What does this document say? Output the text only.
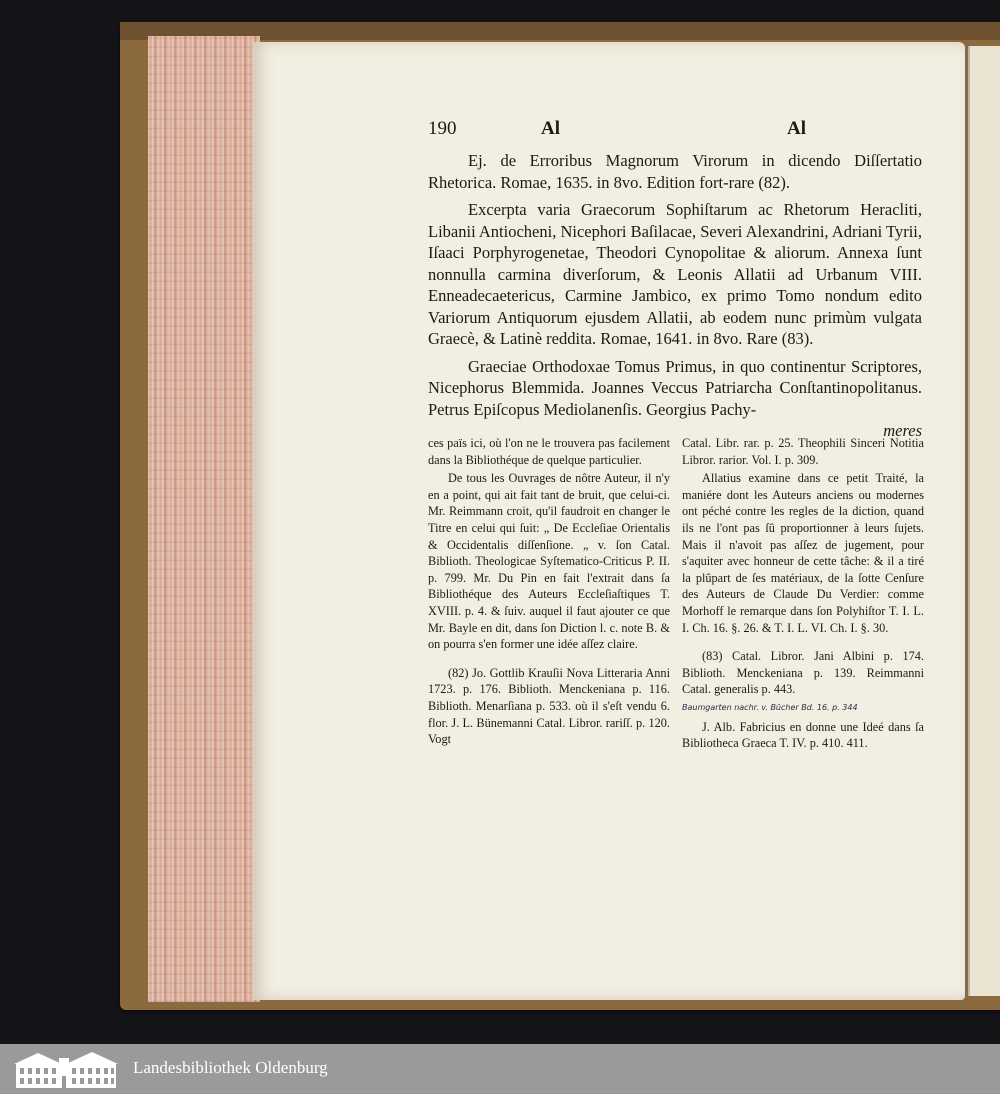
190	Al	Al

Ej. de Erroribus Magnorum Virorum in dicendo Diſſertatio Rhetorica. Romae, 1635. in 8vo. Edition fort-rare (82).

Excerpta varia Graecorum Sophiſtarum ac Rhetorum Heracliti, Libanii Antiocheni, Nicephori Baſilacae, Severi Alexandrini, Adriani Tyrii, Iſaaci Porphyrogenetae, Theodori Cynopolitae & aliorum. Annexa ſunt nonnulla carmina diverſorum, & Leonis Allatii ad Urbanum VIII. Enneadecaetericus, Carmine Jambico, ex primo Tomo nondum edito Variorum Antiquorum ejusdem Allatii, ab eodem nunc primùm vulgata Graecè, & Latinè reddita. Romae, 1641. in 8vo. Rare (83).

Graeciae Orthodoxae Tomus Primus, in quo continentur Scriptores, Nicephorus Blemmida. Joannes Veccus Patriarcha Conſtantinopolitanus. Petrus Epiſcopus Mediolanenſis. Georgius Pachy-

meres

ces païs ici, où l'on ne le trouvera pas facilement dans la Bibliothéque de quelque particulier.

De tous les Ouvrages de nôtre Auteur, il n'y en a point, qui ait fait tant de bruit, que celui-ci. Mr. Reimmann croit, qu'il faudroit en changer le Titre en celui qui ſuit: „ De Eccleſiae Orientalis & Occidentalis diſſenſione. „ v. ſon Catal. Biblioth. Theologicae Syſtematico-Criticus P. II. p. 799. Mr. Du Pin en fait l'extrait dans ſa Bibliothéque des Auteurs Eccleſiaſtiques T. XVIII. p. 4. & ſuiv. auquel il faut ajouter ce que Mr. Bayle en dit, dans ſon Diction l. c. note B. & on pourra s'en former une idée aſſez claire.

(82) Jo. Gottlib Krauſii Nova Litteraria Anni 1723. p. 176. Biblioth. Menckeniana p. 116. Biblioth. Menarſiana p. 533. où il s'eſt vendu 6. flor. J. L. Bünemanni Catal. Libror. rariſſ. p. 120. Vogt

Catal. Libr. rar. p. 25. Theophili Sinceri Notitia Libror. rarior. Vol. I. p. 309.

Allatius examine dans ce petit Traité, la maniére dont les Auteurs anciens ou modernes ont péché contre les regles de la diction, quand ils ne l'ont pas ſû proportionner à leurs ſujets. Mais il n'avoit pas aſſez de jugement, pour s'aquiter avec honneur de cette tâche: & il a tiré la plûpart de ſes matériaux, de la ſotte Cenſure des Auteurs de Claude Du Verdier: comme Morhoff le remarque dans ſon Polyhiſtor T. I. L. I. Ch. 16. §. 26. & T. I. L. VI. Ch. I. §. 30.

(83) Catal. Libror. Jani Albini p. 174. Biblioth. Menckeniana p. 139. Reimmanni Catal. generalis p. 443.

Baumgarten nachr. v. Bücher Bd. 16. p. 344

J. Alb. Fabricius en donne une Ideé dans ſa Bibliotheca Graeca T. IV. p. 410. 411.

Landesbibliothek Oldenburg
